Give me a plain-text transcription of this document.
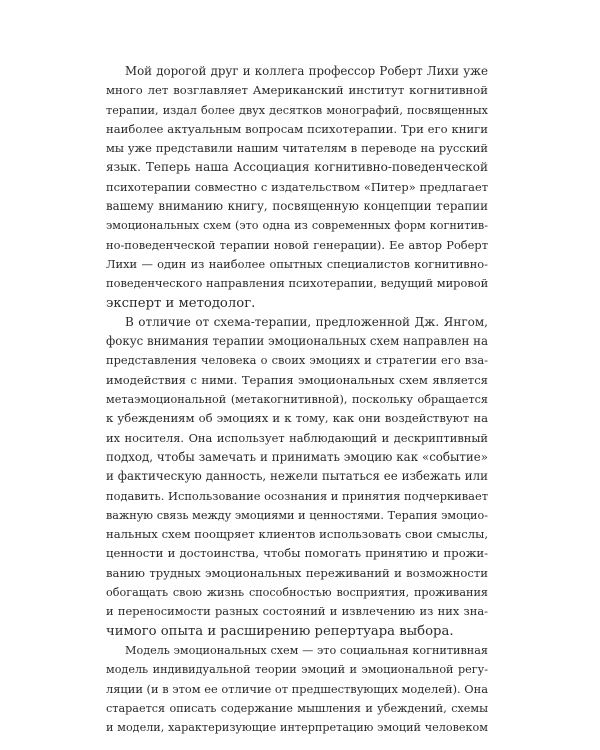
Мой дорогой друг и коллега профессор Роберт Лихи уже
много лет возглавляет Американский институт когнитивной
терапии, издал более двух десятков монографий, посвященных
наиболее актуальным вопросам психотерапии. Три его книги
мы уже представили нашим читателям в переводе на русский
язык. Теперь наша Ассоциация когнитивно-поведенческой
психотерапии совместно с издательством «Питер» предлагает
вашему вниманию книгу, посвященную концепции терапии
эмоциональных схем (это одна из современных форм когнитив-
но-поведенческой терапии новой генерации). Ее автор Роберт
Лихи — один из наиболее опытных специалистов когнитивно-
поведенческого направления психотерапии, ведущий мировой
эксперт и методолог.
В отличие от схема-терапии, предложенной Дж. Янгом,
фокус внимания терапии эмоциональных схем направлен на
представления человека о своих эмоциях и стратегии его вза-
имодействия с ними. Терапия эмоциональных схем является
метаэмоциональной (метакогнитивной), поскольку обращается
к убеждениям об эмоциях и к тому, как они воздействуют на
их носителя. Она использует наблюдающий и дескриптивный
подход, чтобы замечать и принимать эмоцию как «событие»
и фактическую данность, нежели пытаться ее избежать или
подавить. Использование осознания и принятия подчеркивает
важную связь между эмоциями и ценностями. Терапия эмоцио-
нальных схем поощряет клиентов использовать свои смыслы,
ценности и достоинства, чтобы помогать принятию и прожи-
ванию трудных эмоциональных переживаний и возможности
обогащать свою жизнь способностью восприятия, проживания
и переносимости разных состояний и извлечению из них зна-
чимого опыта и расширению репертуара выбора.
Модель эмоциональных схем — это социальная когнитивная
модель индивидуальной теории эмоций и эмоциональной регу-
ляции (и в этом ее отличие от предшествующих моделей). Она
старается описать содержание мышления и убеждений, схемы
и модели, характеризующие интерпретацию эмоций человеком
